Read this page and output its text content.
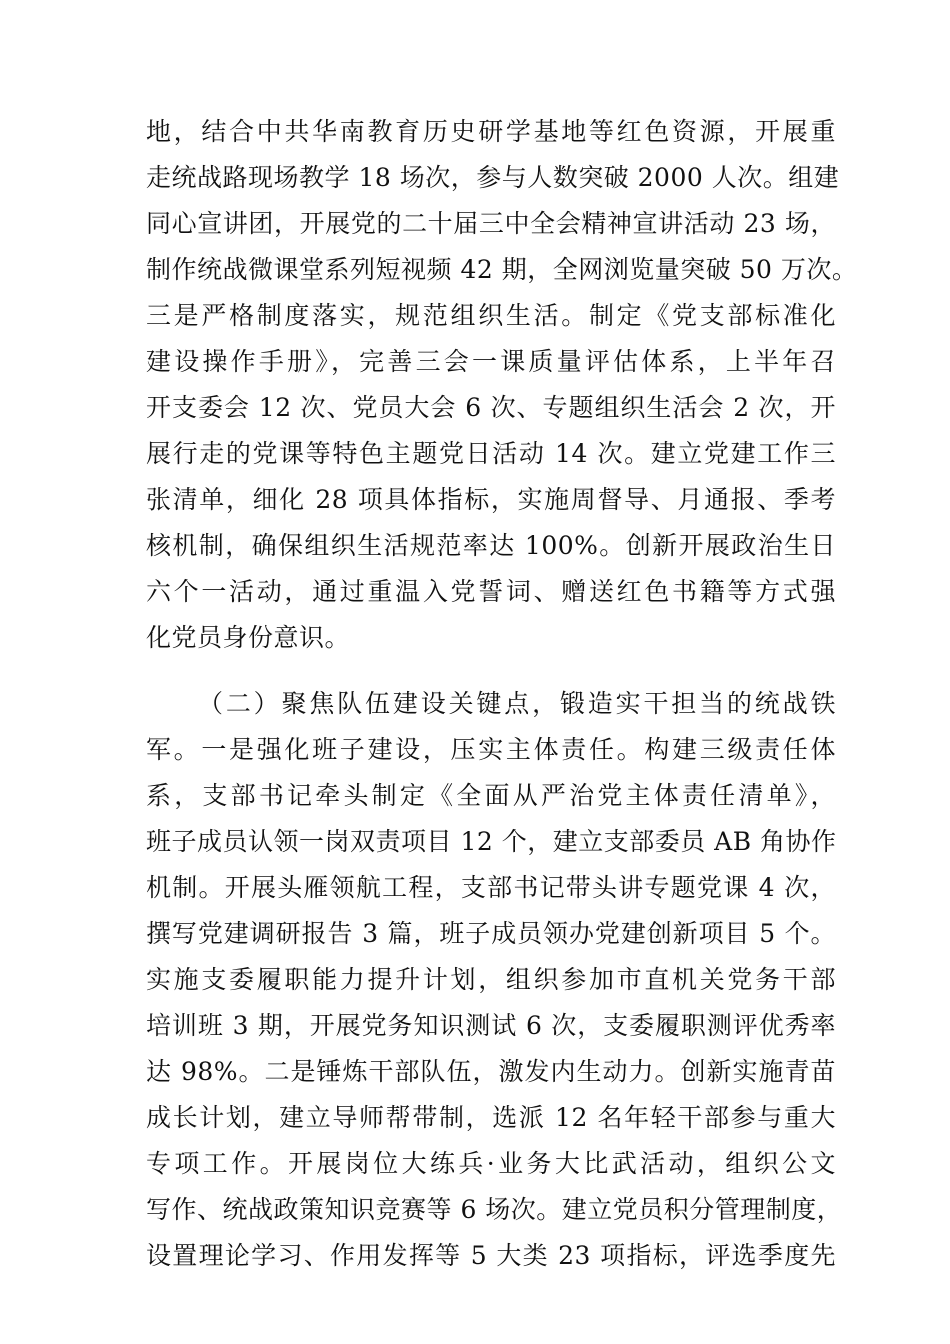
地，结合中共华南教育历史研学基地等红色资源，开展重
走统战路现场教学 18 场次，参与人数突破 2000 人次。组建
同心宣讲团，开展党的二十届三中全会精神宣讲活动 23 场，
制作统战微课堂系列短视频 42 期，全网浏览量突破 50 万次。
三是严格制度落实，规范组织生活。制定《党支部标准化
建设操作手册》，完善三会一课质量评估体系，上半年召
开支委会 12 次、党员大会 6 次、专题组织生活会 2 次，开
展行走的党课等特色主题党日活动 14 次。建立党建工作三
张清单，细化 28 项具体指标，实施周督导、月通报、季考
核机制，确保组织生活规范率达 100%。创新开展政治生日
六个一活动，通过重温入党誓词、赠送红色书籍等方式强
化党员身份意识。
（二）聚焦队伍建设关键点，锻造实干担当的统战铁
军。一是强化班子建设，压实主体责任。构建三级责任体
系，支部书记牵头制定《全面从严治党主体责任清单》，
班子成员认领一岗双责项目 12 个，建立支部委员 AB 角协作
机制。开展头雁领航工程，支部书记带头讲专题党课 4 次，
撰写党建调研报告 3 篇，班子成员领办党建创新项目 5 个。
实施支委履职能力提升计划，组织参加市直机关党务干部
培训班 3 期，开展党务知识测试 6 次，支委履职测评优秀率
达 98%。二是锤炼干部队伍，激发内生动力。创新实施青苗
成长计划，建立导师帮带制，选派 12 名年轻干部参与重大
专项工作。开展岗位大练兵·业务大比武活动，组织公文
写作、统战政策知识竞赛等 6 场次。建立党员积分管理制度，
设置理论学习、作用发挥等 5 大类 23 项指标，评选季度先
